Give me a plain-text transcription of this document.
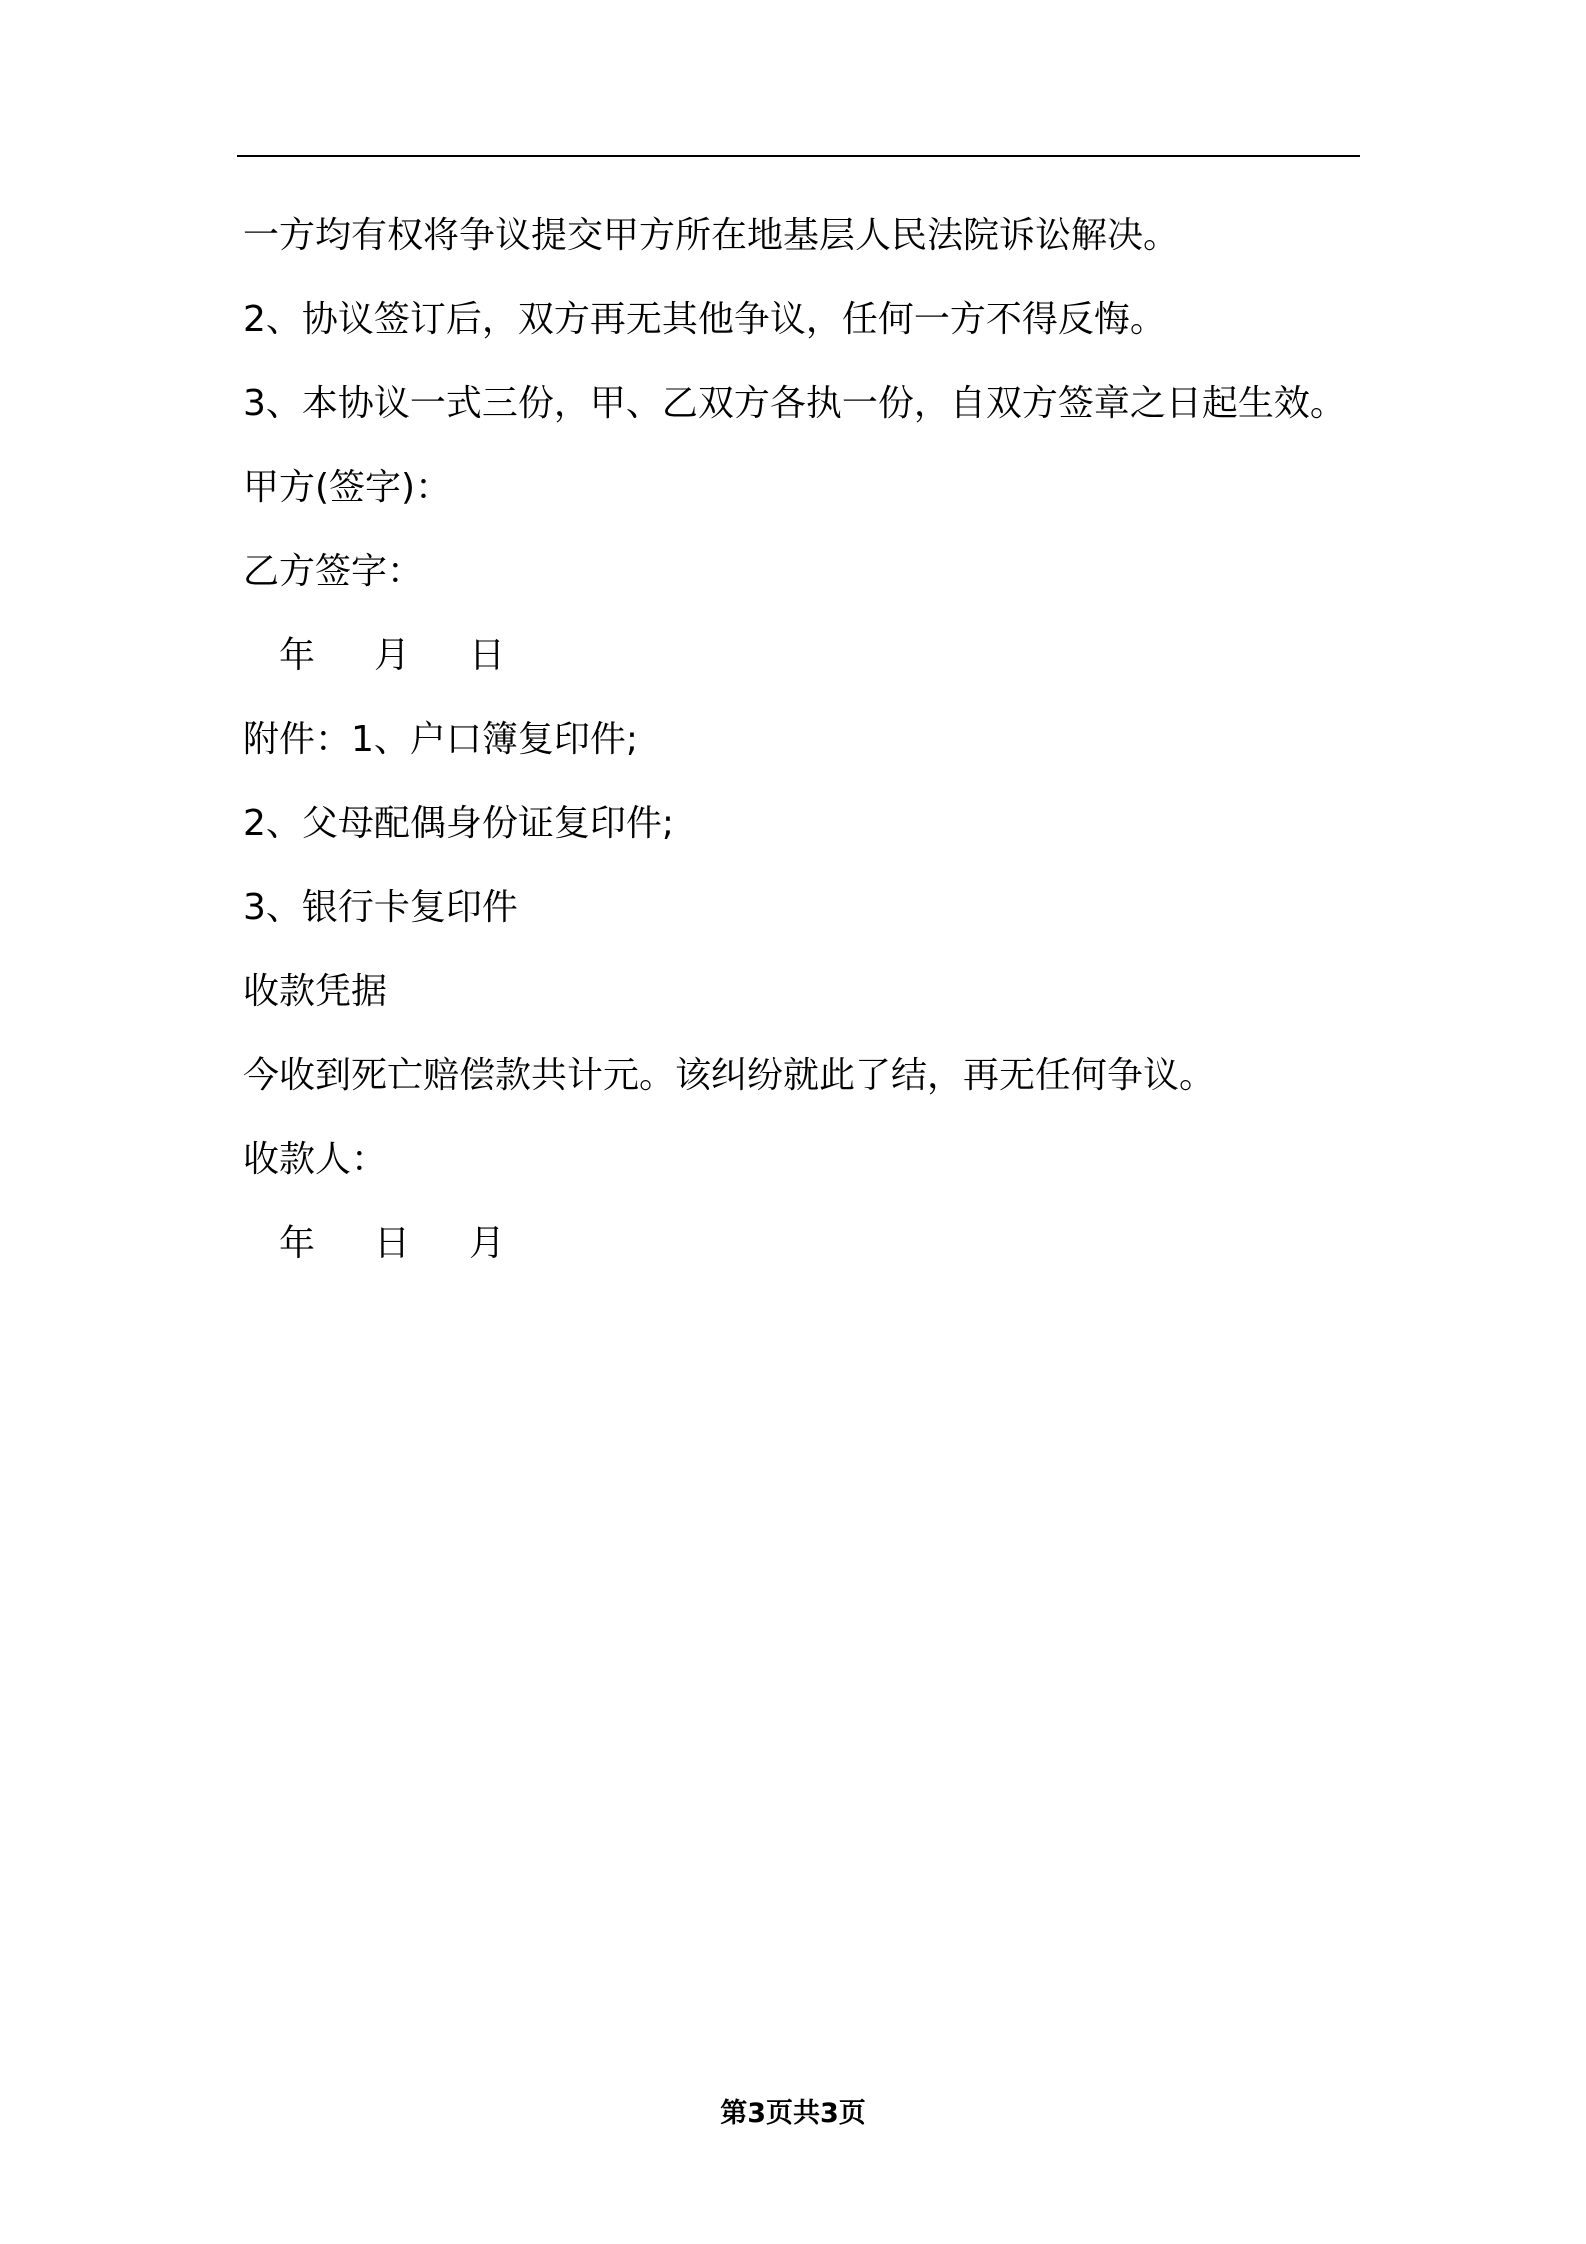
一方均有权将争议提交甲方所在地基层人民法院诉讼解决。
2、协议签订后，双方再无其他争议，任何一方不得反悔。
3、本协议一式三份，甲、乙双方各执一份，自双方签章之日起生效。
甲方(签字)：
乙方签字：
年	月	日
附件：1、户口簿复印件;
2、父母配偶身份证复印件;
3、银行卡复印件
收款凭据
今收到死亡赔偿款共计元。该纠纷就此了结，再无任何争议。
收款人：
年	日	月
第3页共3页
